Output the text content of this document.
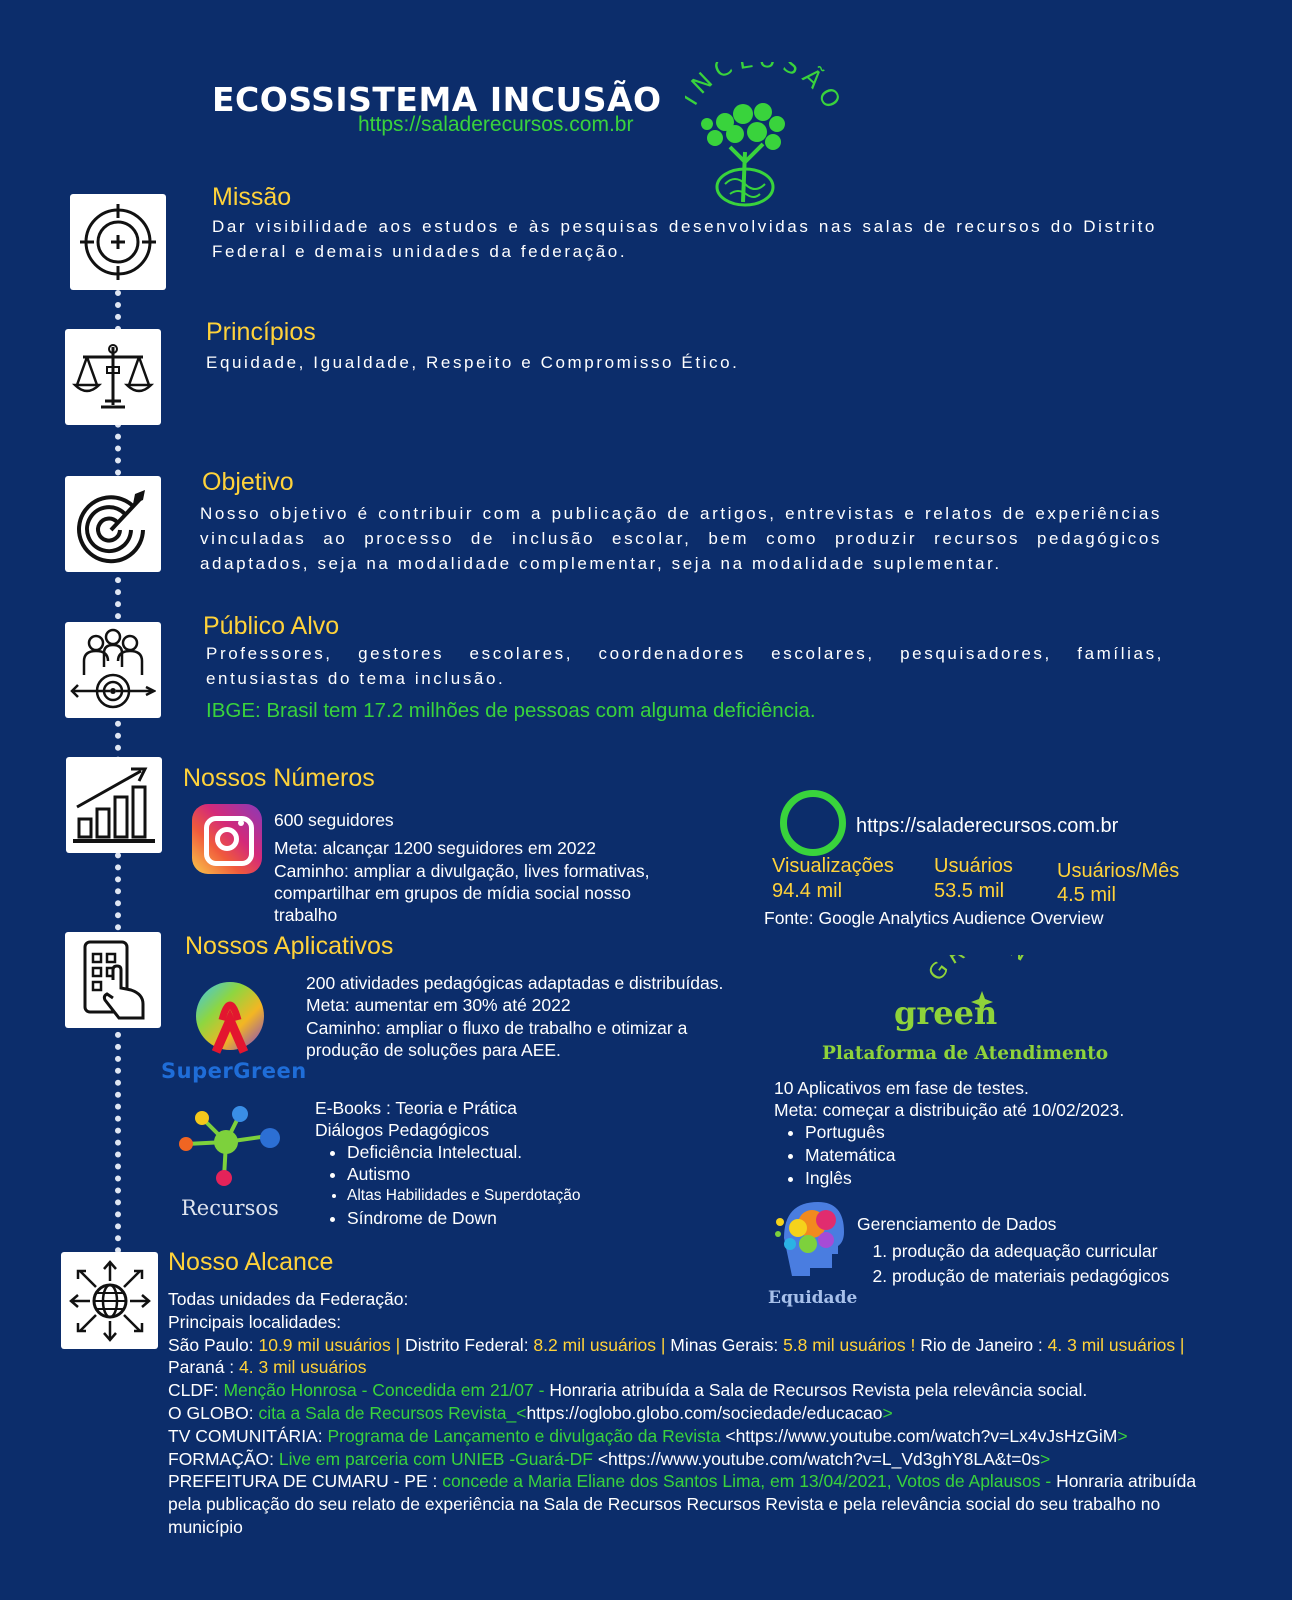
ECOSSISTEMA INCUSÃO
https://saladerecursos.com.br
NC SÃ
Missão
Dar visibilidade aos estudos e às pesquisas desenvolvidas nas salas de recursos do Distrito Federal e demais unidades da federação.
Princípios
Equidade, Igualdade, Respeito e Compromisso Ético.
Objetivo
Nosso objetivo é contribuir com a publicação de artigos, entrevistas e relatos de experiências vinculadas ao processo de inclusão escolar, bem como produzir recursos pedagógicos adaptados, seja na modalidade complementar, seja na modalidade suplementar.
Público Alvo
Professores, gestores escolares, coordenadores escolares, pesquisadores, famílias, entusiastas do tema inclusão.
IBGE: Brasil tem 17.2 milhões de pessoas com alguma deficiência.
Nossos Números
600 seguidores
Meta: alcançar 1200 seguidores em 2022
Caminho: ampliar a divulgação, lives formativas, compartilhar em grupos de mídia social nosso trabalho
https://saladerecursos.com.br
Visualizações
94.4 mil
Usuários
53.5 mil
Usuários/Mês
4.5 mil
Fonte: Google Analytics Audience Overview
Nossos Aplicativos
SuperGreen
200 atividades pedagógicas adaptadas e distribuídas.
Meta: aumentar em 30% até 2022
Caminho: ampliar o fluxo de trabalho e otimizar a produção de soluções para AEE.
Recursos
E-Books : Teoria e Prática
Diálogos Pedagógicos
• Deficiência Intelectual.
• Autismo
• Altas Habilidades e Superdotação
• Síndrome de Down
G
green
Plataforma de Atendimento
10 Aplicativos em fase de testes.
Meta: começar a distribuição até 10/02/2023.
• Português
• Matemática
• Inglês
Equidade
Gerenciamento de Dados
1. produção da adequação curricular
2. produção de materiais pedagógicos
Nosso Alcance
Todas unidades da Federação:
Principais localidades:
São Paulo: 10.9 mil usuários | Distrito Federal: 8.2 mil usuários | Minas Gerais: 5.8 mil usuários ! Rio de Janeiro : 4. 3 mil usuários | Paraná : 4. 3 mil usuários
CLDF: Menção Honrosa - Concedida em 21/07 - Honraria atribuída a Sala de Recursos Revista pela relevância social.
O GLOBO: cita a Sala de Recursos Revista_<https://oglobo.globo.com/sociedade/educacao>
TV COMUNITÁRIA: Programa de Lançamento e divulgação da Revista <https://www.youtube.com/watch?v=Lx4vJsHzGiM>
FORMAÇÃO: Live em parceria com UNIEB -Guará-DF <https://www.youtube.com/watch?v=L_Vd3ghY8LA&t=0s>
PREFEITURA DE CUMARU - PE : concede a Maria Eliane dos Santos Lima, em 13/04/2021, Votos de Aplausos - Honraria atribuída pela publicação do seu relato de experiência na Sala de Recursos Recursos Revista e pela relevância social do seu trabalho no município
